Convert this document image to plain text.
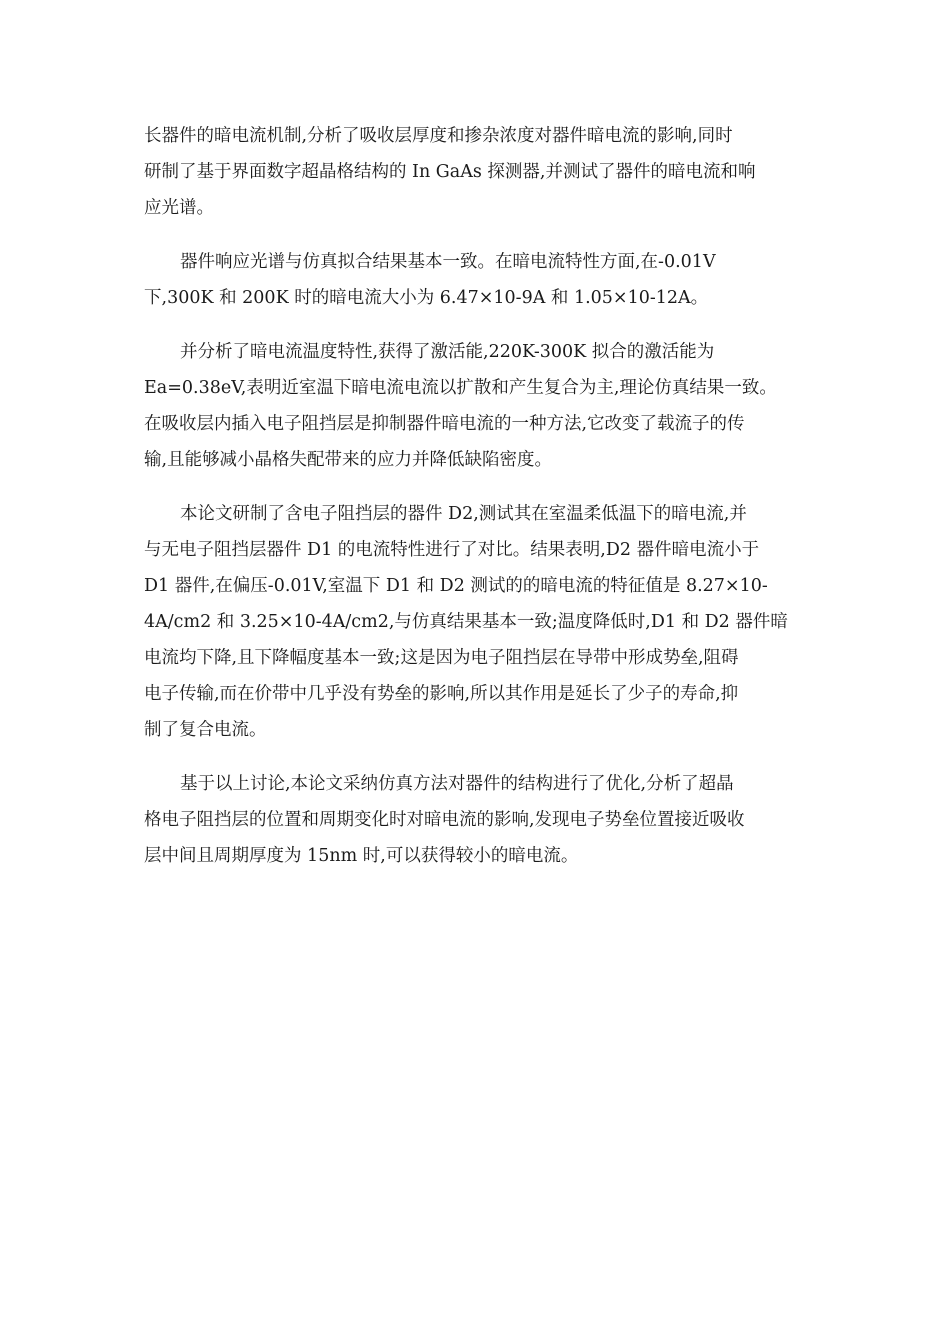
长器件的暗电流机制,分析了吸收层厚度和掺杂浓度对器件暗电流的影响,同时
研制了基于界面数字超晶格结构的 In GaAs 探测器,并测试了器件的暗电流和响
应光谱。
器件响应光谱与仿真拟合结果基本一致。在暗电流特性方面,在-0.01V
下,300K 和 200K 时的暗电流大小为 6.47×10-9A 和 1.05×10-12A。
并分析了暗电流温度特性,获得了激活能,220K-300K 拟合的激活能为
Ea=0.38eV,表明近室温下暗电流电流以扩散和产生复合为主,理论仿真结果一致。
在吸收层内插入电子阻挡层是抑制器件暗电流的一种方法,它改变了载流子的传
输,且能够减小晶格失配带来的应力并降低缺陷密度。
本论文研制了含电子阻挡层的器件 D2,测试其在室温柔低温下的暗电流,并
与无电子阻挡层器件 D1 的电流特性进行了对比。结果表明,D2 器件暗电流小于
D1 器件,在偏压-0.01V,室温下 D1 和 D2 测试的的暗电流的特征值是 8.27×10-
4A/cm2 和 3.25×10-4A/cm2,与仿真结果基本一致;温度降低时,D1 和 D2 器件暗
电流均下降,且下降幅度基本一致;这是因为电子阻挡层在导带中形成势垒,阻碍
电子传输,而在价带中几乎没有势垒的影响,所以其作用是延长了少子的寿命,抑
制了复合电流。
基于以上讨论,本论文采纳仿真方法对器件的结构进行了优化,分析了超晶
格电子阻挡层的位置和周期变化时对暗电流的影响,发现电子势垒位置接近吸收
层中间且周期厚度为 15nm 时,可以获得较小的暗电流。
